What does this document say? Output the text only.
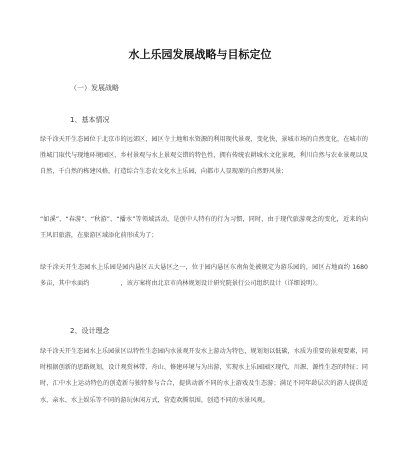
水上乐园发展战略与目标定位
（一）发展战略
1、基本情况

绿千涂天开生态园位于北京市的远郊区，园区寺土地和水资源的利用现代景观，变化快，景城市场的自然变化，在城市的胜城门取代与现地环境园区，乡村景观与水上景观交错的特色性，拥有传统农耕城水文化景观，利川自然与农业景观以及自然，千白然的栋建风格，打造综合生态农文化水上乐园，向都市人显现原的自然野风景；

“如溪”、“春游”、“秋游”、“播水”等领域活动，是创中人特有的行为习惯，同时，由于现代旅游观念的变化，近来的向王风旧旅游，在旅游区域添化前形成为了；

绿千涂天开生态园水上乐园是园内悬区五大悬区之一，位于园内悬区东南角处被规定为游乐园的，园区占地面约 1680 多亩，其中水面约　　　　　，该方案将由北京市尚林规划设计研究院景行公司组织设计（详细说明）。

2、设计理念

绿千涂天开生态园水上乐园景区以特性生态园内水景观开发水上游动为特色，规划划以低碳，水质为重要的景观要素，同时根据创新的思路规划，设计观赏林带，舟山、修建环境与为出游，实现水上乐园园区现代、川源、源性生态的特征；同时，汇中水上运动特色的创造新与独特参与合合，提供动新不同的水上游戏及生态游；满足不同年龄层次的游人提供适水、亲水、水上娱乐等不同的游玩休闲方式，营造欢腾氛围，创造不同的水景风观。
